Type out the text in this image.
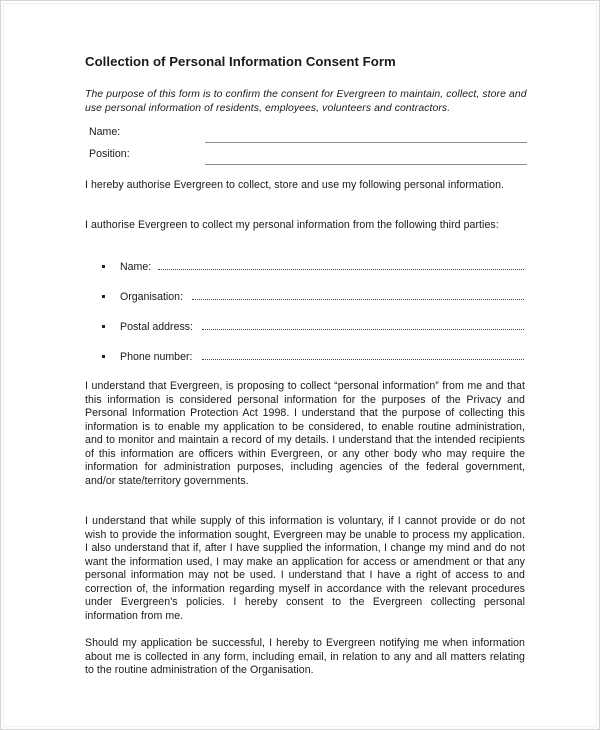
Collection of Personal Information Consent Form
The purpose of this form is to confirm the consent for Evergreen to maintain, collect, store and use personal information of residents, employees, volunteers and contractors.
Name:
Position:
I hereby authorise Evergreen to collect, store and use my following personal information.
I authorise Evergreen to collect my personal information from the following third parties:
Name:
Organisation:
Postal address:
Phone number:
I understand that Evergreen, is proposing to collect “personal information” from me and that this information is considered personal information for the purposes of the Privacy and Personal Information Protection Act 1998. I understand that the purpose of collecting this information is to enable my application to be considered, to enable routine administration, and to monitor and maintain a record of my details. I understand that the intended recipients of this information are officers within Evergreen, or any other body who may require the information for administration purposes, including agencies of the federal government, and/or state/territory governments.
I understand that while supply of this information is voluntary, if I cannot provide or do not wish to provide the information sought, Evergreen may be unable to process my application. I also understand that if, after I have supplied the information, I change my mind and do not want the information used, I may make an application for access or amendment or that any personal information may not be used. I understand that I have a right of access to and correction of, the information regarding myself in accordance with the relevant procedures under Evergreen's policies. I hereby consent to the Evergreen collecting personal information from me.
Should my application be successful, I hereby to Evergreen notifying me when information about me is collected in any form, including email, in relation to any and all matters relating to the routine administration of the Organisation.
